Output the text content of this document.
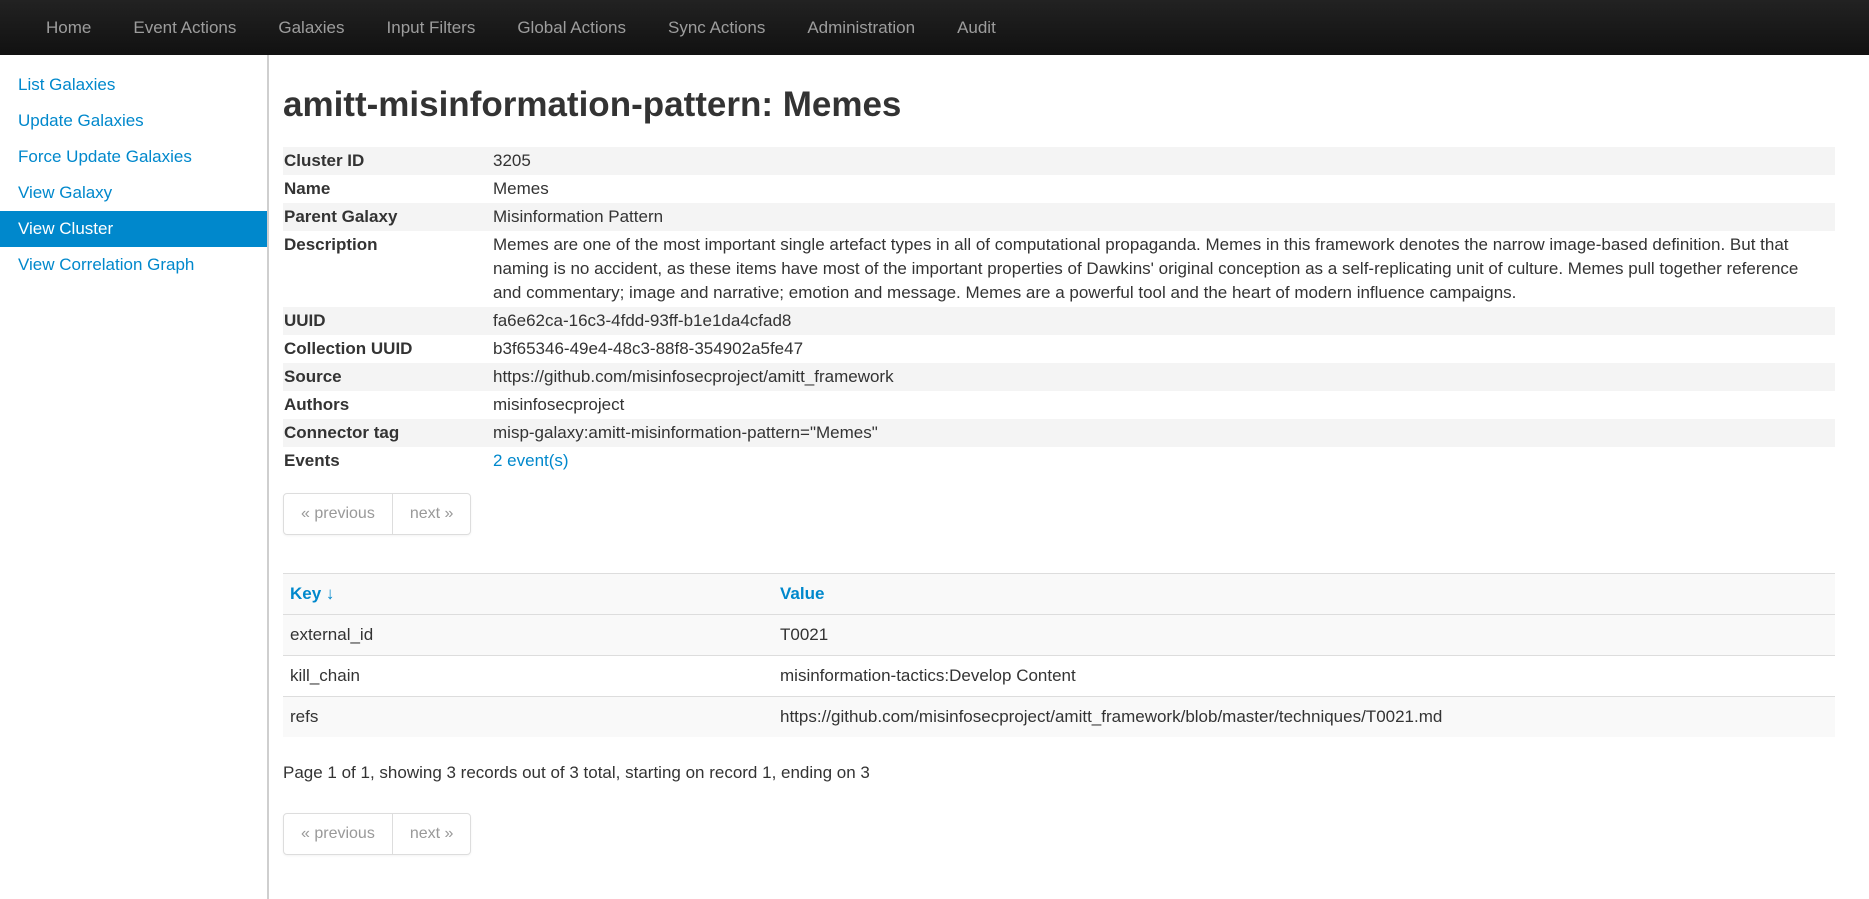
Home	Event Actions	Galaxies	Input Filters	Global Actions	Sync Actions	Administration	Audit
List Galaxies
Update Galaxies
Force Update Galaxies
View Galaxy
View Cluster
View Correlation Graph
amitt-misinformation-pattern: Memes
Cluster ID	3205
Name	Memes
Parent Galaxy	Misinformation Pattern
Description	Memes are one of the most important single artefact types in all of computational propaganda. Memes in this framework denotes the narrow image-based definition. But that naming is no accident, as these items have most of the important properties of Dawkins' original conception as a self-replicating unit of culture. Memes pull together reference and commentary; image and narrative; emotion and message. Memes are a powerful tool and the heart of modern influence campaigns.
UUID	fa6e62ca-16c3-4fdd-93ff-b1e1da4cfad8
Collection UUID	b3f65346-49e4-48c3-88f8-354902a5fe47
Source	https://github.com/misinfosecproject/amitt_framework
Authors	misinfosecproject
Connector tag	misp-galaxy:amitt-misinformation-pattern="Memes"
Events	2 event(s)
« previous	next »
Key ↓	Value
external_id	T0021
kill_chain	misinformation-tactics:Develop Content
refs	https://github.com/misinfosecproject/amitt_framework/blob/master/techniques/T0021.md
Page 1 of 1, showing 3 records out of 3 total, starting on record 1, ending on 3
« previous	next »
